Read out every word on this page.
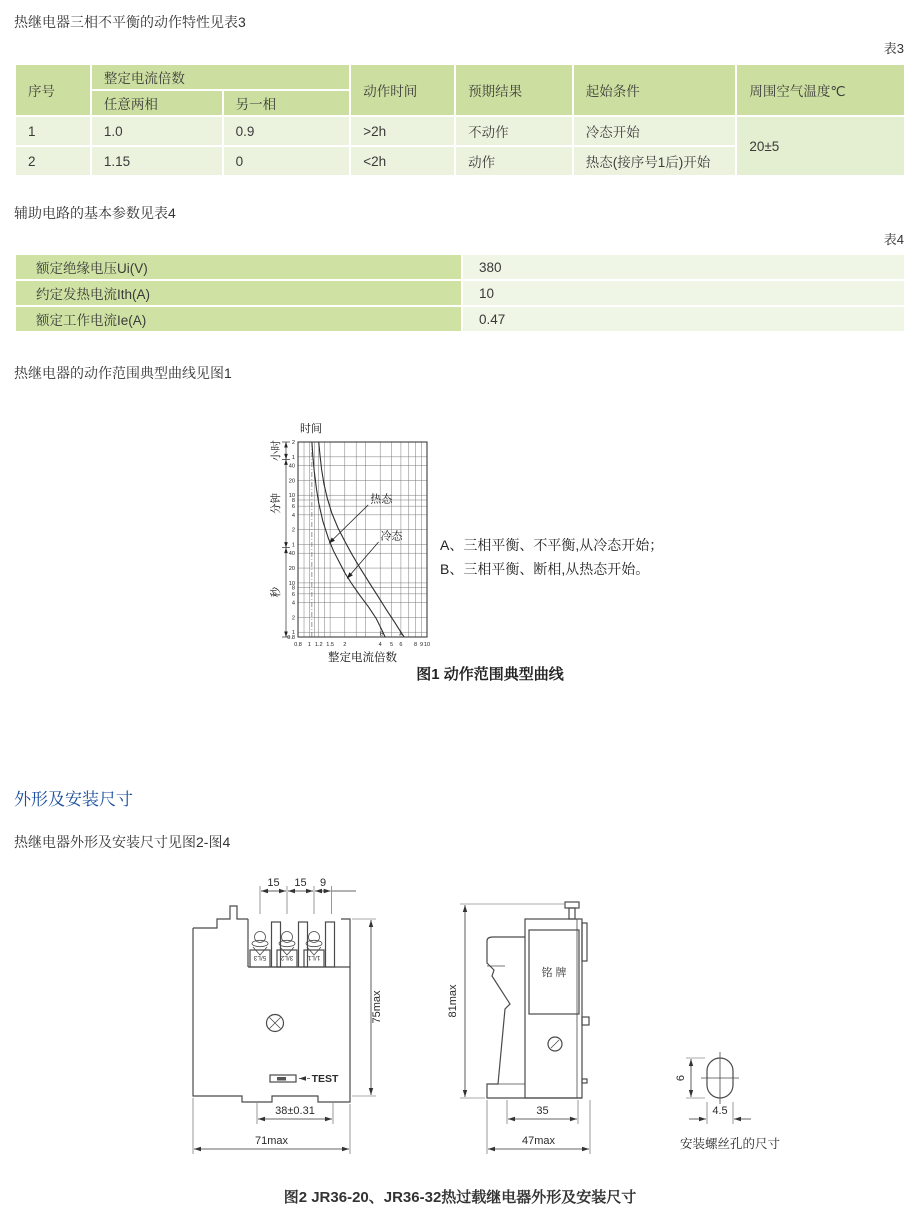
热继电器三相不平衡的动作特性见表3

表3
序号	整定电流倍数		动作时间	预期结果	起始条件	周围空气温度℃
	任意两相	另一相				
1	1.0	0.9	>2h	不动作	冷态开始	20±5
2	1.15	0	<2h	动作	热态(接序号1后)开始	

辅助电路的基本参数见表4

表4
额定绝缘电压Ui(V)	380
约定发热电流Ith(A)	10
额定工作电流Ie(A)	0.47

热继电器的动作范围典型曲线见图1

2
1
40
20
10
8
6
4
2
1
40
20
10
8
6
4
2
1
0.8
0.8 1 1.2 1.5 2	4 5 6 8 9 10
B	A
热态
冷态
小时
分钟
秒
时间
整定电流倍数
A、三相平衡、不平衡,从冷态开始；
B、三相平衡、断相,从热态开始。
图1 动作范围典型曲线
外形及安装尺寸

热继电器外形及安装尺寸见图2-图4

5/L3 3/L2 1/L1
TEST
15 15 9
75max
38±0.31
71max
铭 牌
81max
35
47max
6
4.5
安装螺丝孔的尺寸
图2 JR36-20、JR36-32热过载继电器外形及安装尺寸
